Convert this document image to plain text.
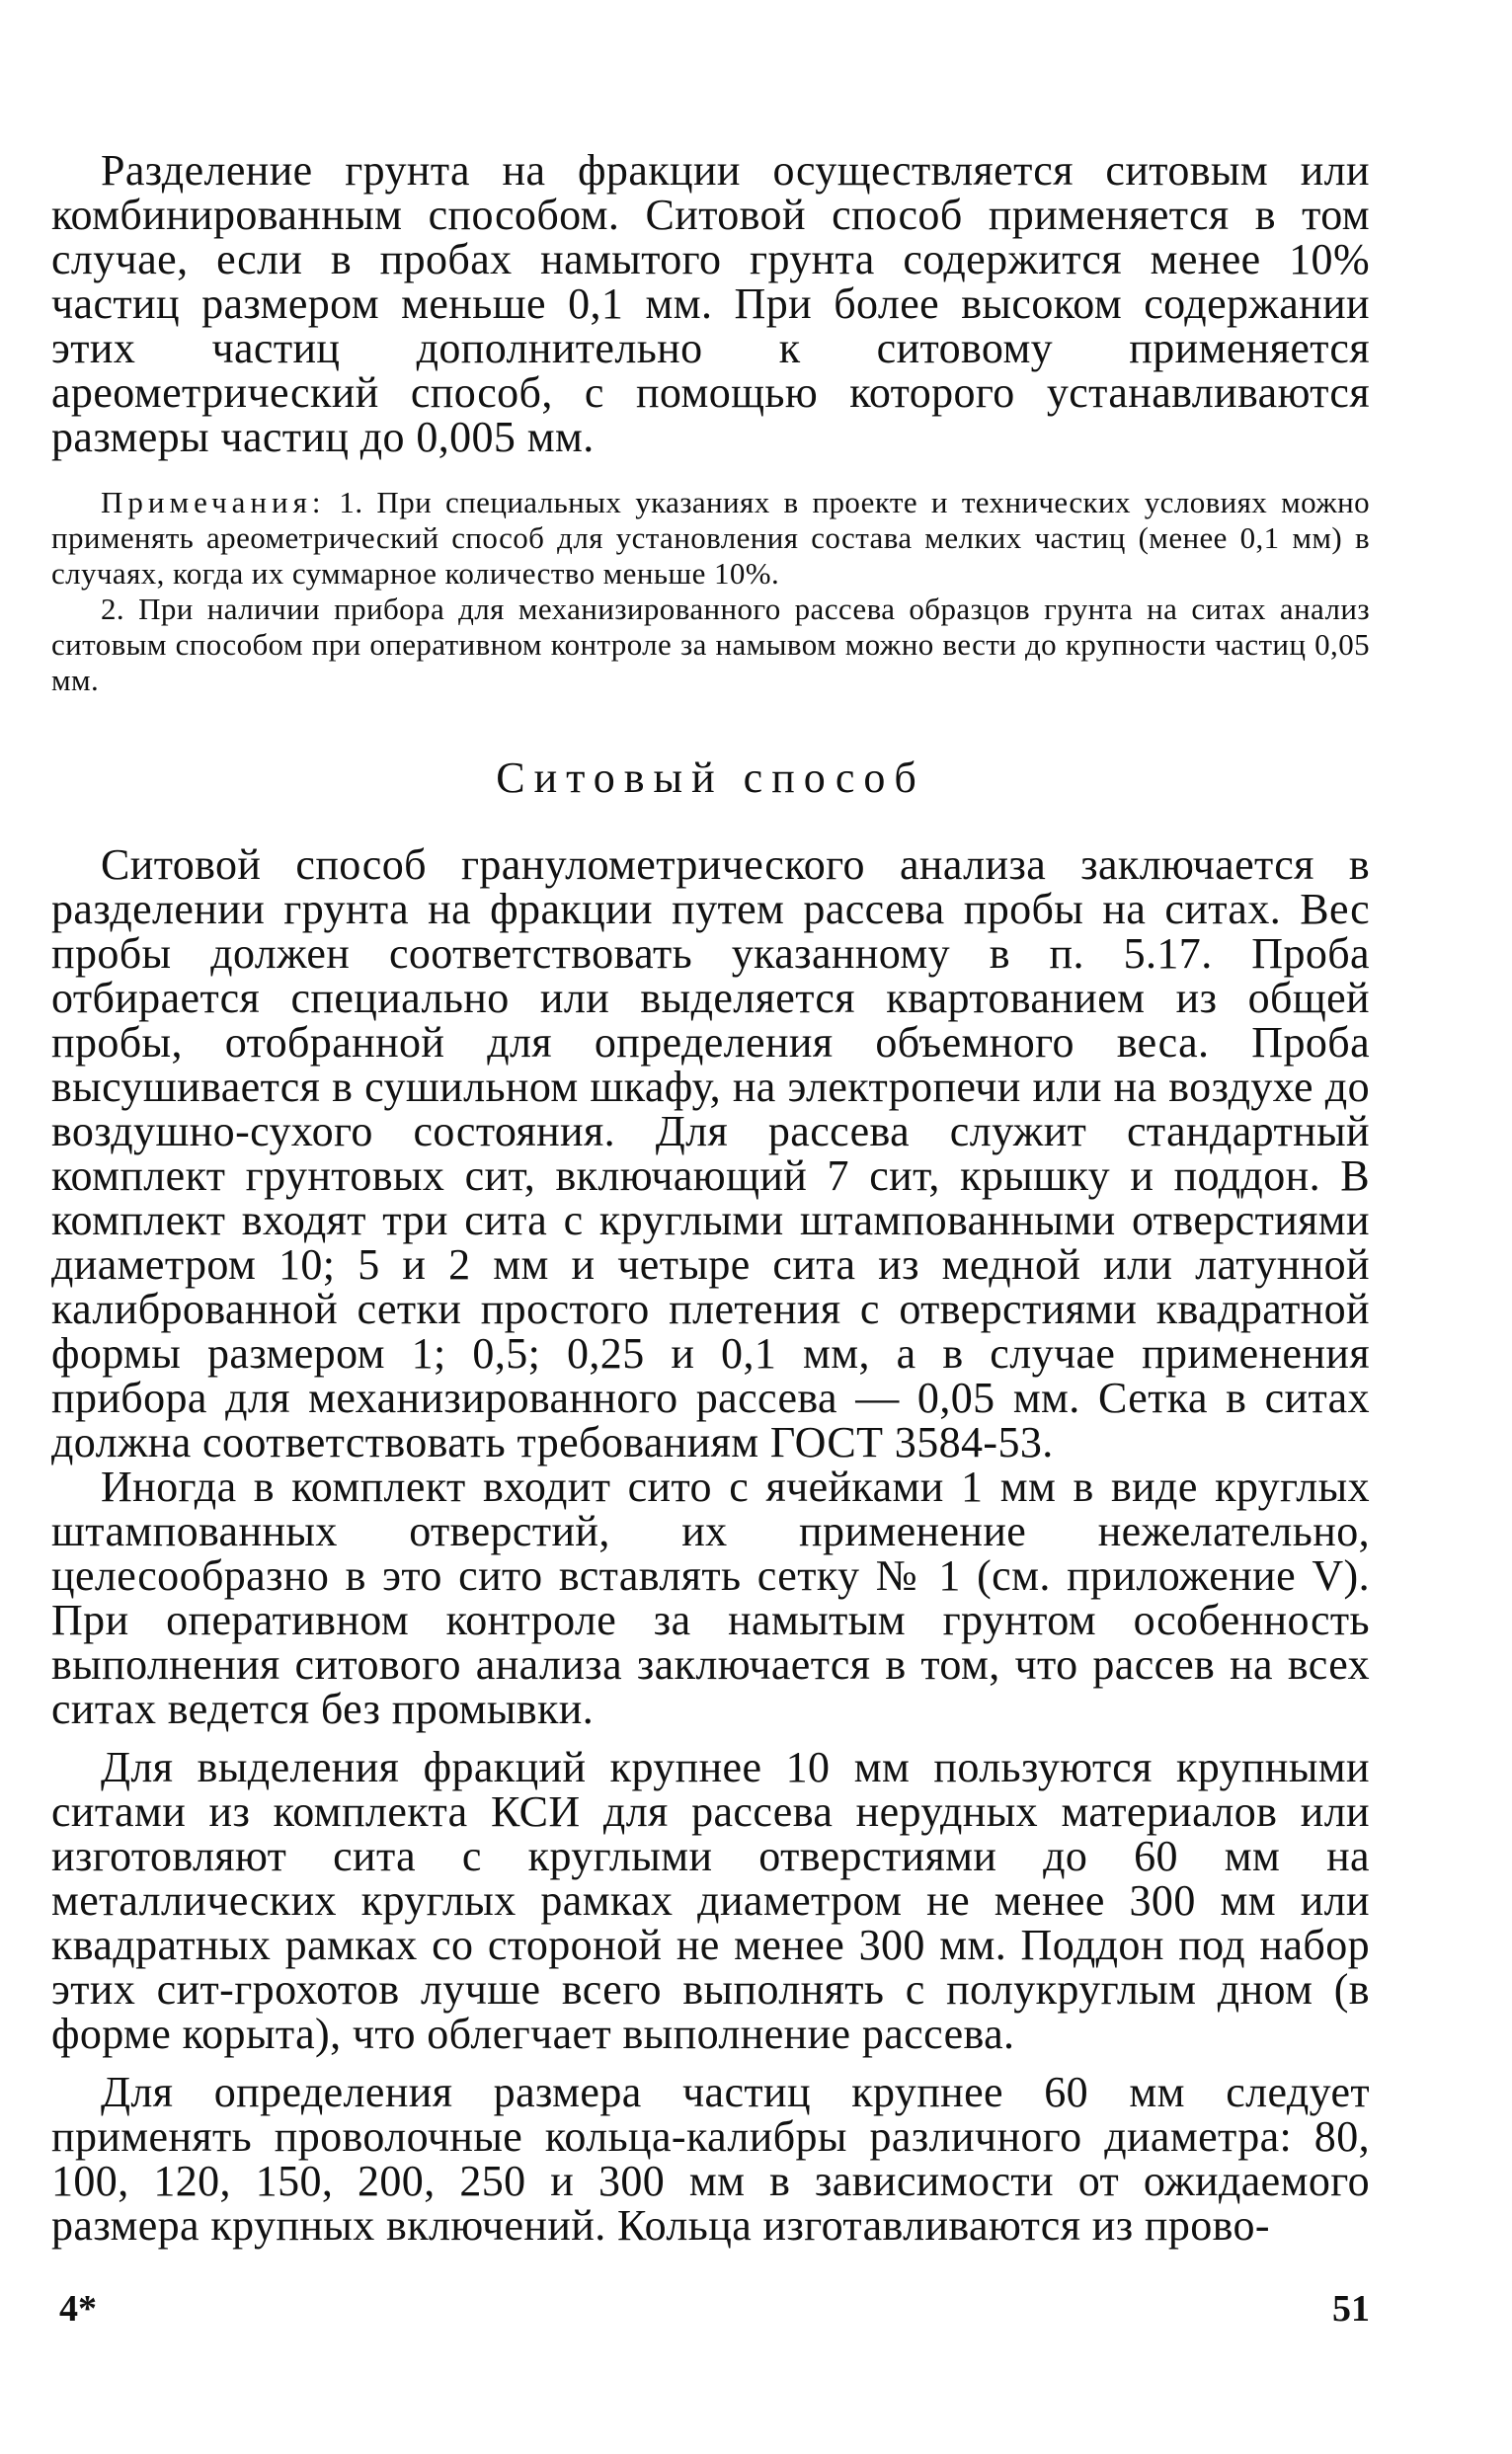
Разделение грунта на фракции осуществляется ситовым или комбинированным способом. Ситовой способ применяется в том случае, если в пробах намытого грунта содержится менее 10% частиц размером меньше 0,1 мм. При более высоком содержании этих частиц дополнительно к ситовому применяется ареометрический способ, с помощью которого устанавливаются размеры частиц до 0,005 мм.

Примечания: 1. При специальных указаниях в проекте и технических условиях можно применять ареометрический способ для установления состава мелких частиц (менее 0,1 мм) в случаях, когда их суммарное количество меньше 10%.

2. При наличии прибора для механизированного рассева образцов грунта на ситах анализ ситовым способом при оперативном контроле за намывом можно вести до крупности частиц 0,05 мм.

Ситовый способ

Ситовой способ гранулометрического анализа заключается в разделении грунта на фракции путем рассева пробы на ситах. Вес пробы должен соответствовать указанному в п. 5.17. Проба отбирается специально или выделяется квартованием из общей пробы, отобранной для определения объемного веса. Проба высушивается в сушильном шкафу, на электропечи или на воздухе до воздушно-сухого состояния. Для рассева служит стандартный комплект грунтовых сит, включающий 7 сит, крышку и поддон. В комплект входят три сита с круглыми штампованными отверстиями диаметром 10; 5 и 2 мм и четыре сита из медной или латунной калиброванной сетки простого плетения с отверстиями квадратной формы размером 1; 0,5; 0,25 и 0,1 мм, а в случае применения прибора для механизированного рассева — 0,05 мм. Сетка в ситах должна соответствовать требованиям ГОСТ 3584-53.

Иногда в комплект входит сито с ячейками 1 мм в виде круглых штампованных отверстий, их применение нежелательно, целесообразно в это сито вставлять сетку № 1 (см. приложение V). При оперативном контроле за намытым грунтом особенность выполнения ситового анализа заключается в том, что рассев на всех ситах ведется без промывки.

Для выделения фракций крупнее 10 мм пользуются крупными ситами из комплекта КСИ для рассева нерудных материалов или изготовляют сита с круглыми отверстиями до 60 мм на металлических круглых рамках диаметром не менее 300 мм или квадратных рамках со стороной не менее 300 мм. Поддон под набор этих сит-грохотов лучше всего выполнять с полукруглым дном (в форме корыта), что облегчает выполнение рассева.

Для определения размера частиц крупнее 60 мм следует применять проволочные кольца-калибры различного диаметра: 80, 100, 120, 150, 200, 250 и 300 мм в зависимости от ожидаемого размера крупных включений. Кольца изготавливаются из прово-

4*	51
